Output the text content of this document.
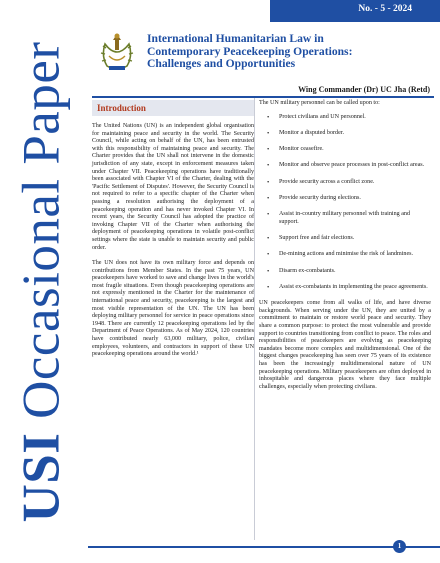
USI Occasional Paper
No. - 5 - 2024
International Humanitarian Law in
Contemporary Peacekeeping Operations:
Challenges and Opportunities
Wing Commander (Dr) UC Jha (Retd)
Introduction

The United Nations (UN) is an independent global organisation for maintaining peace and security in the world. The Security Council, while acting on behalf of the UN, has been entrusted with this responsibility of maintaining peace and security. The Charter provides that the UN shall not intervene in the domestic jurisdiction of any state, except in enforcement measures taken under Chapter VII. Peacekeeping operations have traditionally been associated with Chapter VI of the Charter, dealing with the 'Pacific Settlement of Disputes'. However, the Security Council is not required to refer to a specific chapter of the Charter when passing a resolution authorising the deployment of a peacekeeping operation and has never invoked Chapter VI. In recent years, the Security Council has adopted the practice of invoking Chapter VII of the Charter when authorising the deployment of peacekeeping operations in volatile post-conflict settings where the state is unable to maintain security and public order.

The UN does not have its own military force and depends on contributions from Member States. In the past 75 years, UN peacekeepers have worked to save and change lives in the world's most fragile situations. Even though peacekeeping operations are not expressly mentioned in the Charter for the maintenance of international peace and security, peacekeeping is the largest and most visible representation of the UN. The UN has been deploying military personnel for service in peace operations since 1948. There are currently 12 peacekeeping operations led by the Department of Peace Operations. As of May 2024, 120 countries have contributed nearly 63,000 military, police, civilian employees, volunteers, and contractors in support of these UN peacekeeping operations around the world.¹

The UN military personnel can be called upon to:

• Protect civilians and UN personnel.
• Monitor a disputed border.
• Monitor ceasefire.
• Monitor and observe peace processes in post-conflict areas.
• Provide security across a conflict zone.
• Provide security during elections.
• Assist in-country military personnel with training and support.
• Support free and fair elections.
• De-mining actions and minimise the risk of landmines.
• Disarm ex-combatants.
• Assist ex-combatants in implementing the peace agreements.

UN peacekeepers come from all walks of life, and have diverse backgrounds. When serving under the UN, they are united by a commitment to maintain or restore world peace and security. They share a common purpose: to protect the most vulnerable and provide support to countries transitioning from conflict to peace. The roles and responsibilities of peacekeepers are evolving as peacekeeping mandates become more complex and multidimensional. One of the biggest changes peacekeeping has seen over 75 years of its existence has been the increasingly multidimensional nature of UN peacekeeping operations. Military peacekeepers are often deployed in inhospitable and dangerous places where they face multiple challenges, especially when protecting civilians.

1
